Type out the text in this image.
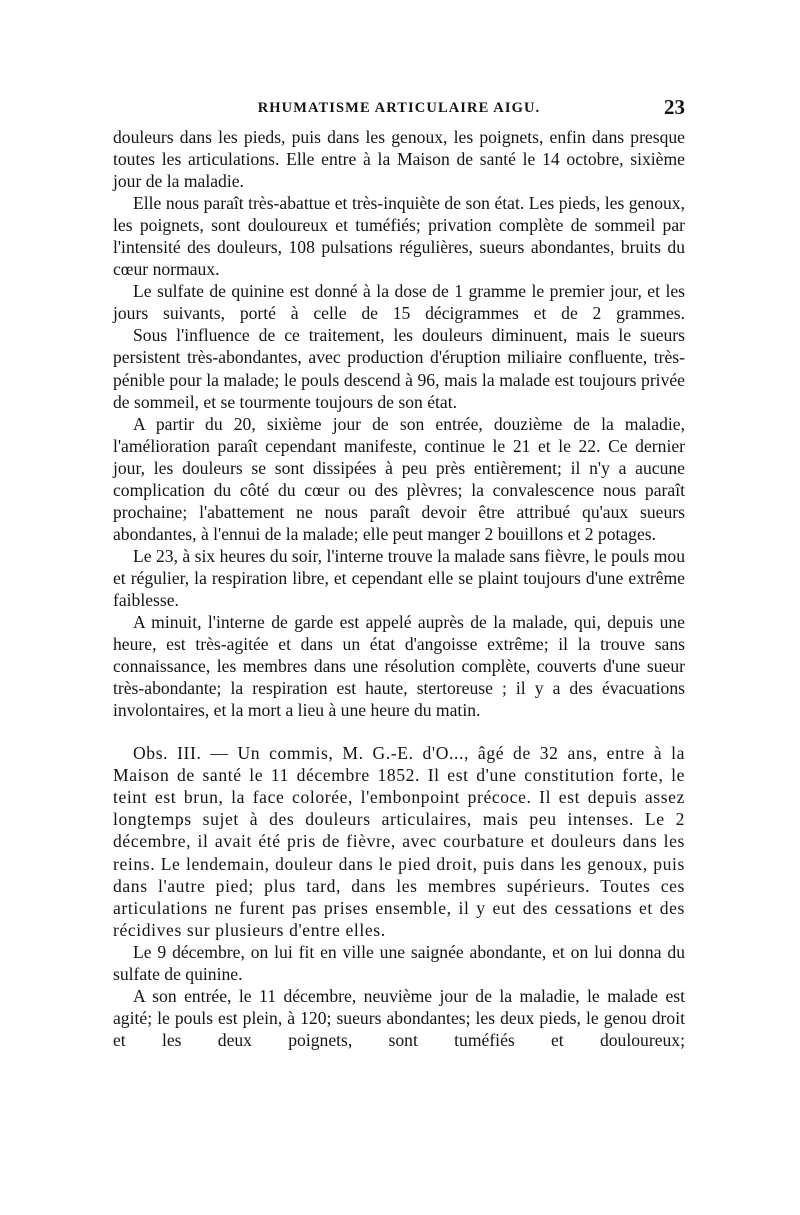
RHUMATISME ARTICULAIRE AIGU.	23

douleurs dans les pieds, puis dans les genoux, les poignets, enfin dans presque toutes les articulations. Elle entre à la Maison de santé le 14 octobre, sixième jour de la maladie.

Elle nous paraît très-abattue et très-inquiète de son état. Les pieds, les genoux, les poignets, sont douloureux et tuméfiés; privation complète de sommeil par l'intensité des douleurs, 108 pulsations régulières, sueurs abondantes, bruits du cœur normaux.

Le sulfate de quinine est donné à la dose de 1 gramme le premier jour, et les jours suivants, porté à celle de 15 décigrammes et de 2 grammes.

Sous l'influence de ce traitement, les douleurs diminuent, mais le sueurs persistent très-abondantes, avec production d'éruption miliaire confluente, très-pénible pour la malade; le pouls descend à 96, mais la malade est toujours privée de sommeil, et se tourmente toujours de son état.

A partir du 20, sixième jour de son entrée, douzième de la maladie, l'amélioration paraît cependant manifeste, continue le 21 et le 22. Ce dernier jour, les douleurs se sont dissipées à peu près entièrement; il n'y a aucune complication du côté du cœur ou des plèvres; la convalescence nous paraît prochaine; l'abattement ne nous paraît devoir être attribué qu'aux sueurs abondantes, à l'ennui de la malade; elle peut manger 2 bouillons et 2 potages.

Le 23, à six heures du soir, l'interne trouve la malade sans fièvre, le pouls mou et régulier, la respiration libre, et cependant elle se plaint toujours d'une extrême faiblesse.

A minuit, l'interne de garde est appelé auprès de la malade, qui, depuis une heure, est très-agitée et dans un état d'angoisse extrême; il la trouve sans connaissance, les membres dans une résolution complète, couverts d'une sueur très-abondante; la respiration est haute, stertoreuse ; il y a des évacuations involontaires, et la mort a lieu à une heure du matin.

Obs. III. — Un commis, M. G.-E. d'O..., âgé de 32 ans, entre à la Maison de santé le 11 décembre 1852. Il est d'une constitution forte, le teint est brun, la face colorée, l'embonpoint précoce. Il est depuis assez longtemps sujet à des douleurs articulaires, mais peu intenses. Le 2 décembre, il avait été pris de fièvre, avec courbature et douleurs dans les reins. Le lendemain, douleur dans le pied droit, puis dans les genoux, puis dans l'autre pied; plus tard, dans les membres supérieurs. Toutes ces articulations ne furent pas prises ensemble, il y eut des cessations et des récidives sur plusieurs d'entre elles.

Le 9 décembre, on lui fit en ville une saignée abondante, et on lui donna du sulfate de quinine.

A son entrée, le 11 décembre, neuvième jour de la maladie, le malade est agité; le pouls est plein, à 120; sueurs abondantes; les deux pieds, le genou droit et les deux poignets, sont tuméfiés et douloureux;
